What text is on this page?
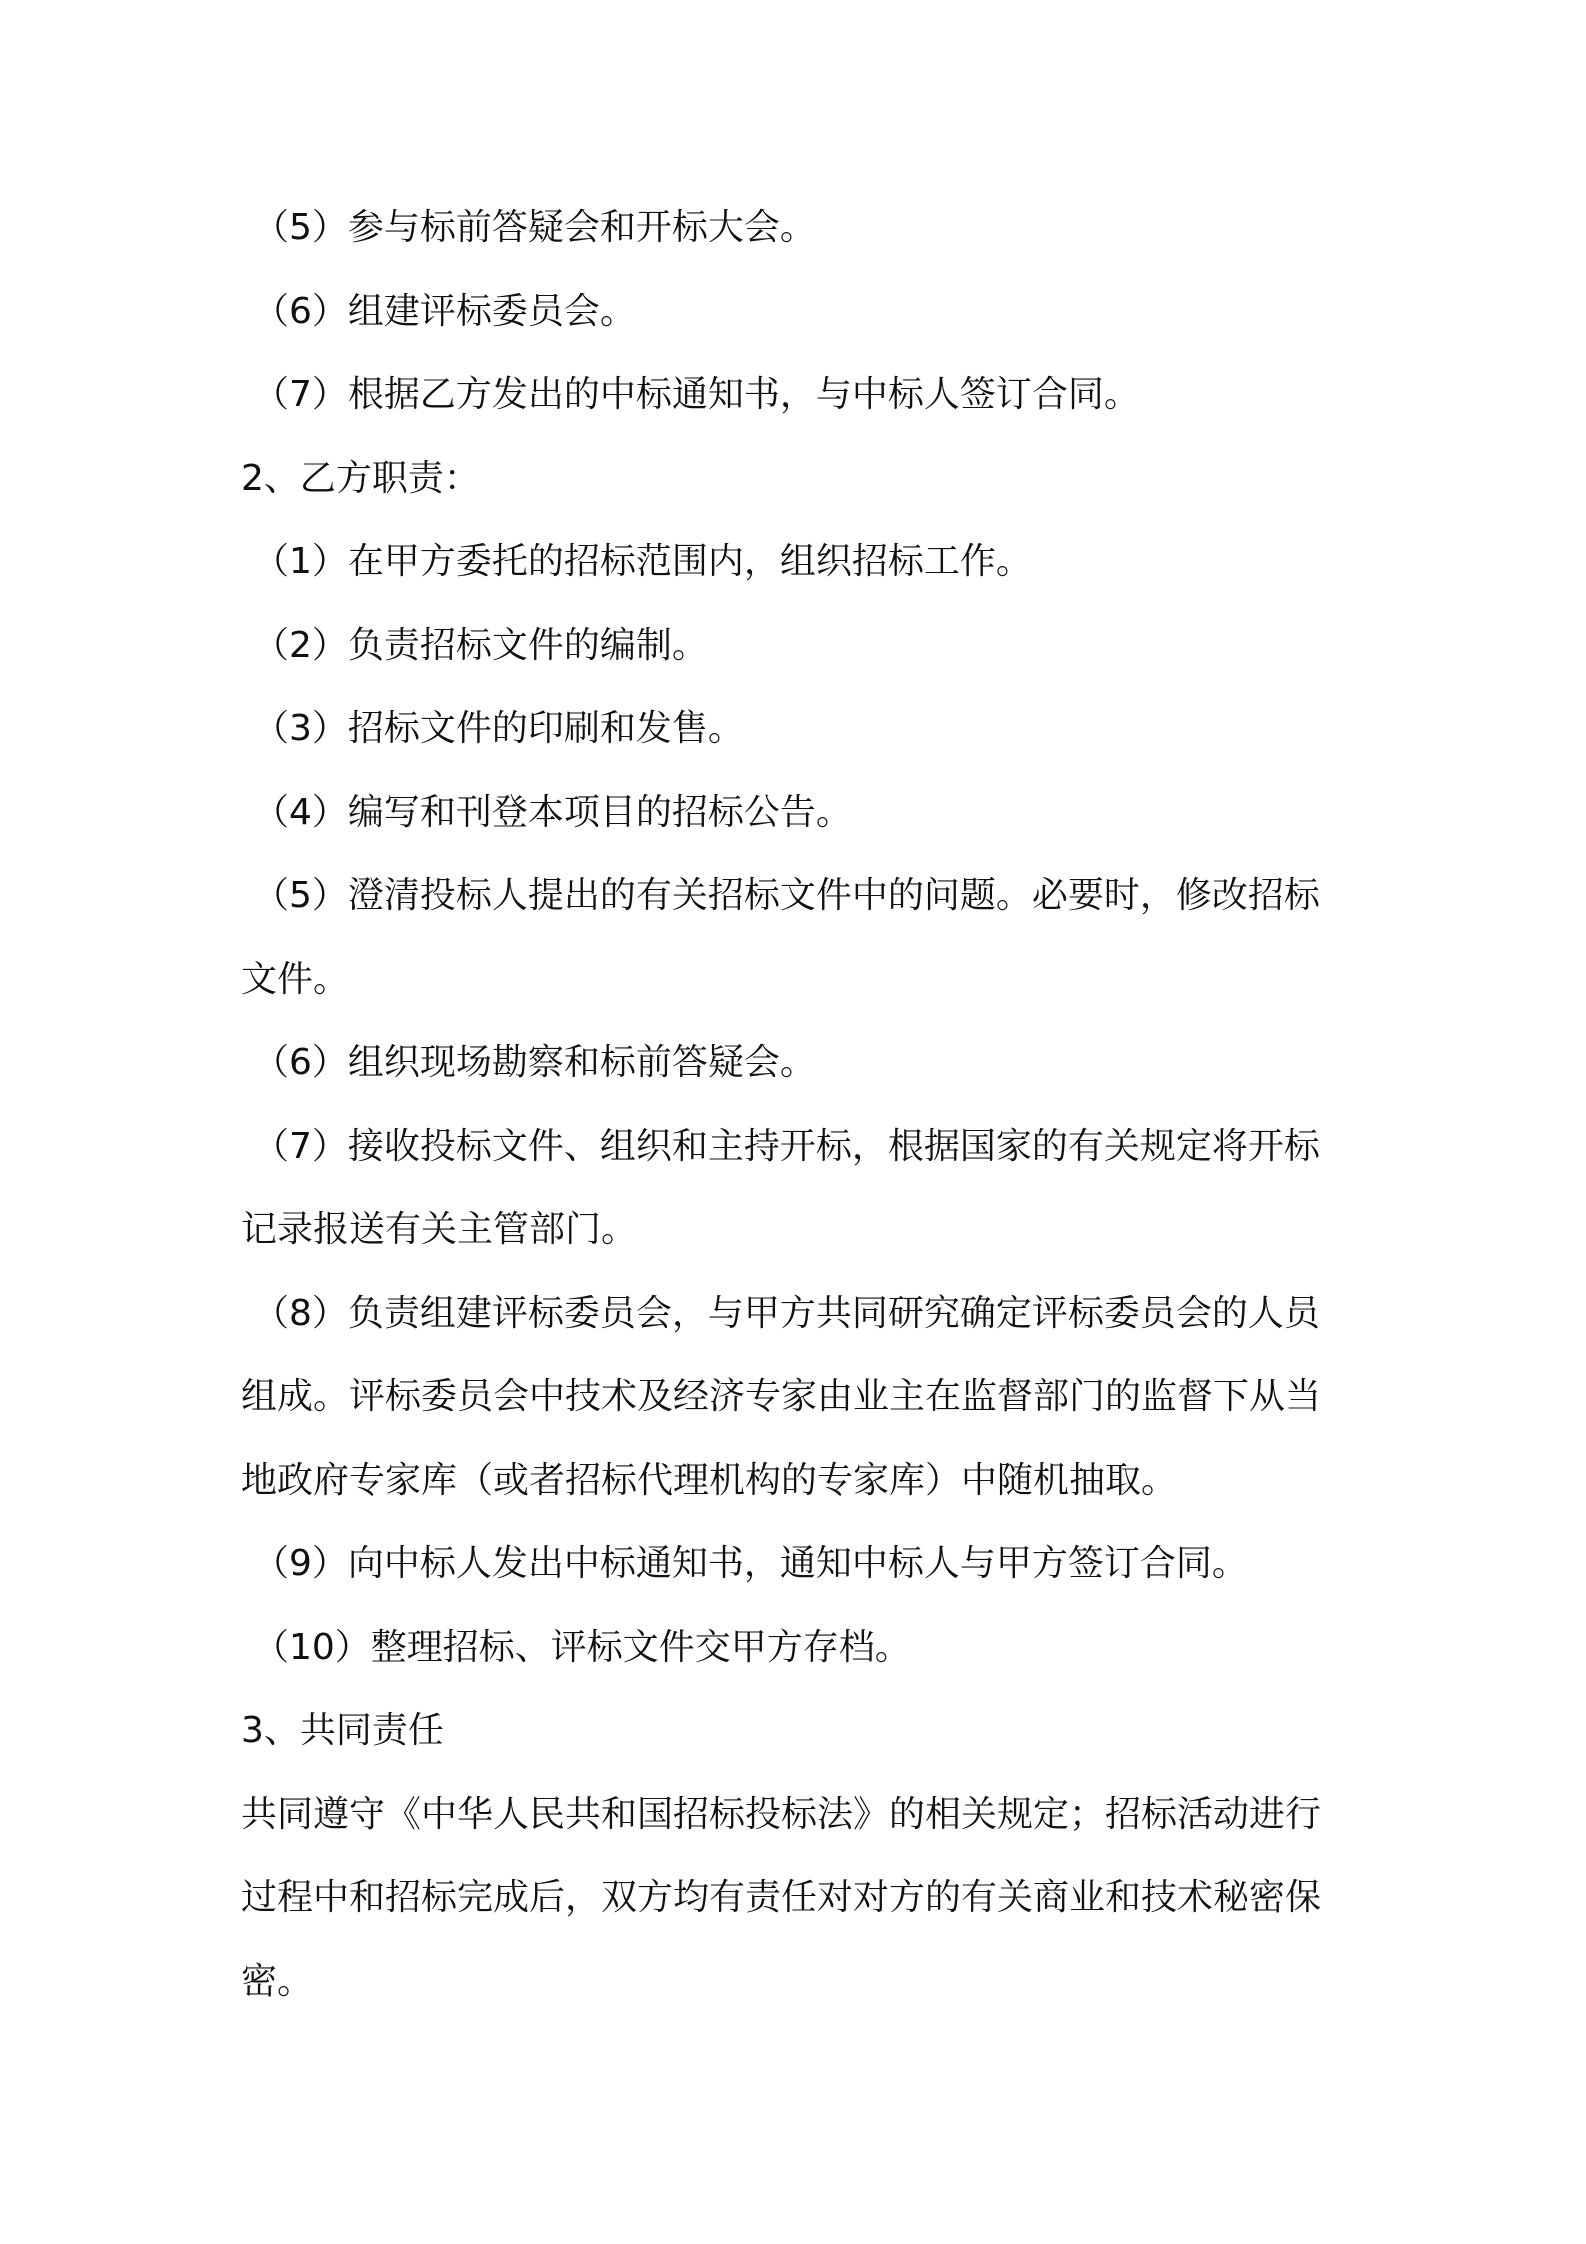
（5）参与标前答疑会和开标大会。
（6）组建评标委员会。
（7）根据乙方发出的中标通知书，与中标人签订合同。
2、乙方职责：
（1）在甲方委托的招标范围内，组织招标工作。
（2）负责招标文件的编制。
（3）招标文件的印刷和发售。
（4）编写和刊登本项目的招标公告。
（5）澄清投标人提出的有关招标文件中的问题。必要时，修改招标
文件。
（6）组织现场勘察和标前答疑会。
（7）接收投标文件、组织和主持开标，根据国家的有关规定将开标
记录报送有关主管部门。
（8）负责组建评标委员会，与甲方共同研究确定评标委员会的人员
组成。评标委员会中技术及经济专家由业主在监督部门的监督下从当
地政府专家库（或者招标代理机构的专家库）中随机抽取。
（9）向中标人发出中标通知书，通知中标人与甲方签订合同。
（10）整理招标、评标文件交甲方存档。
3、共同责任
共同遵守《中华人民共和国招标投标法》的相关规定；招标活动进行
过程中和招标完成后，双方均有责任对对方的有关商业和技术秘密保
密。
